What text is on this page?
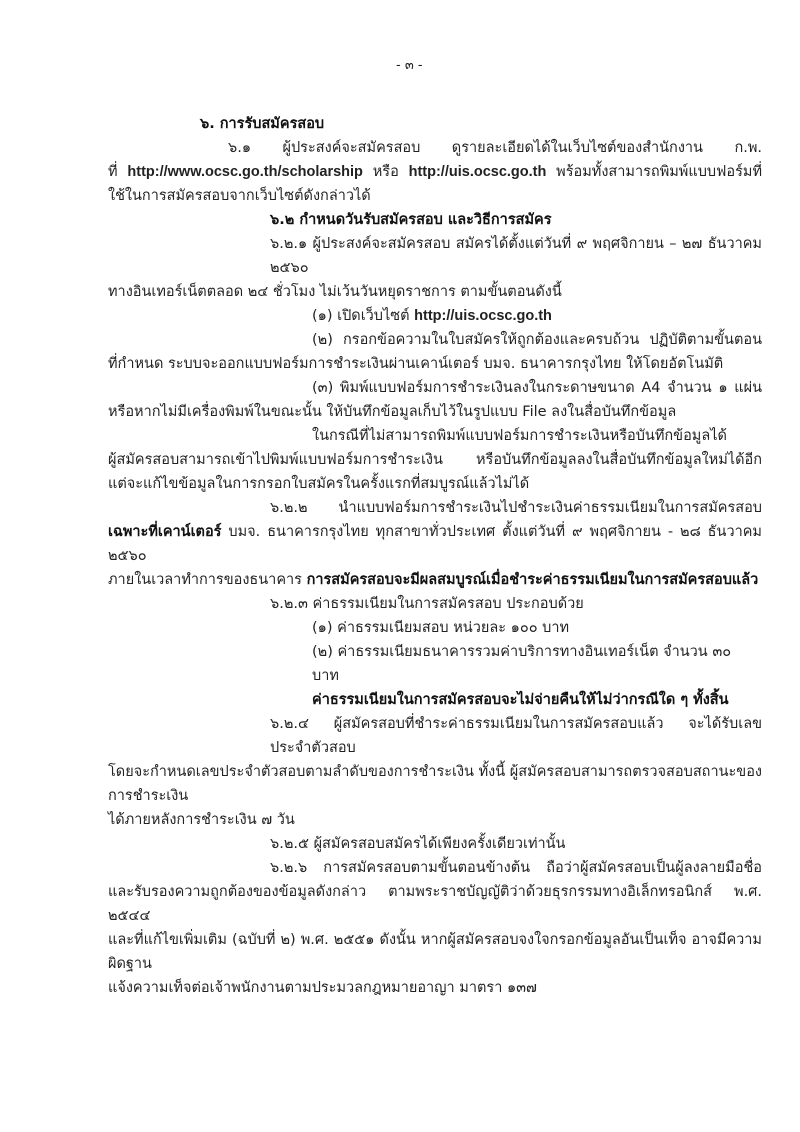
- ๓ -
๖. การรับสมัครสอบ
๖.๑ ผู้ประสงค์จะสมัครสอบ ดูรายละเอียดได้ในเว็บไซต์ของสำนักงาน ก.พ.
ที่ http://www.ocsc.go.th/scholarship หรือ http://uis.ocsc.go.th พร้อมทั้งสามารถพิมพ์แบบฟอร์มที่
ใช้ในการสมัครสอบจากเว็บไซต์ดังกล่าวได้
๖.๒ กำหนดวันรับสมัครสอบ และวิธีการสมัคร
๖.๒.๑ ผู้ประสงค์จะสมัครสอบ สมัครได้ตั้งแต่วันที่ ๙ พฤศจิกายน – ๒๗ ธันวาคม ๒๕๖๐
ทางอินเทอร์เน็ตตลอด ๒๔ ชั่วโมง ไม่เว้นวันหยุดราชการ ตามขั้นตอนดังนี้
(๑) เปิดเว็บไซต์ http://uis.ocsc.go.th
(๒) กรอกข้อความในใบสมัครให้ถูกต้องและครบถ้วน ปฏิบัติตามขั้นตอน
ที่กำหนด ระบบจะออกแบบฟอร์มการชำระเงินผ่านเคาน์เตอร์ บมจ. ธนาคารกรุงไทย ให้โดยอัตโนมัติ
(๓) พิมพ์แบบฟอร์มการชำระเงินลงในกระดาษขนาด A4 จำนวน ๑ แผ่น
หรือหากไม่มีเครื่องพิมพ์ในขณะนั้น ให้บันทึกข้อมูลเก็บไว้ในรูปแบบ File ลงในสื่อบันทึกข้อมูล
ในกรณีที่ไม่สามารถพิมพ์แบบฟอร์มการชำระเงินหรือบันทึกข้อมูลได้
ผู้สมัครสอบสามารถเข้าไปพิมพ์แบบฟอร์มการชำระเงิน หรือบันทึกข้อมูลลงในสื่อบันทึกข้อมูลใหม่ได้อีก
แต่จะแก้ไขข้อมูลในการกรอกใบสมัครในครั้งแรกที่สมบูรณ์แล้วไม่ได้
๖.๒.๒ นำแบบฟอร์มการชำระเงินไปชำระเงินค่าธรรมเนียมในการสมัครสอบ
เฉพาะที่เคาน์เตอร์ บมจ. ธนาคารกรุงไทย ทุกสาขาทั่วประเทศ ตั้งแต่วันที่ ๙ พฤศจิกายน - ๒๘ ธันวาคม ๒๕๖๐
ภายในเวลาทำการของธนาคาร การสมัครสอบจะมีผลสมบูรณ์เมื่อชำระค่าธรรมเนียมในการสมัครสอบแล้ว
๖.๒.๓ ค่าธรรมเนียมในการสมัครสอบ ประกอบด้วย
(๑) ค่าธรรมเนียมสอบ หน่วยละ ๑๐๐ บาท
(๒) ค่าธรรมเนียมธนาคารรวมค่าบริการทางอินเทอร์เน็ต จำนวน ๓๐ บาท
ค่าธรรมเนียมในการสมัครสอบจะไม่จ่ายคืนให้ไม่ว่ากรณีใด ๆ ทั้งสิ้น
๖.๒.๔ ผู้สมัครสอบที่ชำระค่าธรรมเนียมในการสมัครสอบแล้ว จะได้รับเลขประจำตัวสอบ
โดยจะกำหนดเลขประจำตัวสอบตามลำดับของการชำระเงิน ทั้งนี้ ผู้สมัครสอบสามารถตรวจสอบสถานะของการชำระเงิน
ได้ภายหลังการชำระเงิน ๗ วัน
๖.๒.๕ ผู้สมัครสอบสมัครได้เพียงครั้งเดียวเท่านั้น
๖.๒.๖ การสมัครสอบตามขั้นตอนข้างต้น ถือว่าผู้สมัครสอบเป็นผู้ลงลายมือชื่อ
และรับรองความถูกต้องของข้อมูลดังกล่าว ตามพระราชบัญญัติว่าด้วยธุรกรรมทางอิเล็กทรอนิกส์ พ.ศ. ๒๕๔๔
และที่แก้ไขเพิ่มเติม (ฉบับที่ ๒) พ.ศ. ๒๕๕๑ ดังนั้น หากผู้สมัครสอบจงใจกรอกข้อมูลอันเป็นเท็จ อาจมีความผิดฐาน
แจ้งความเท็จต่อเจ้าพนักงานตามประมวลกฎหมายอาญา มาตรา ๑๓๗
